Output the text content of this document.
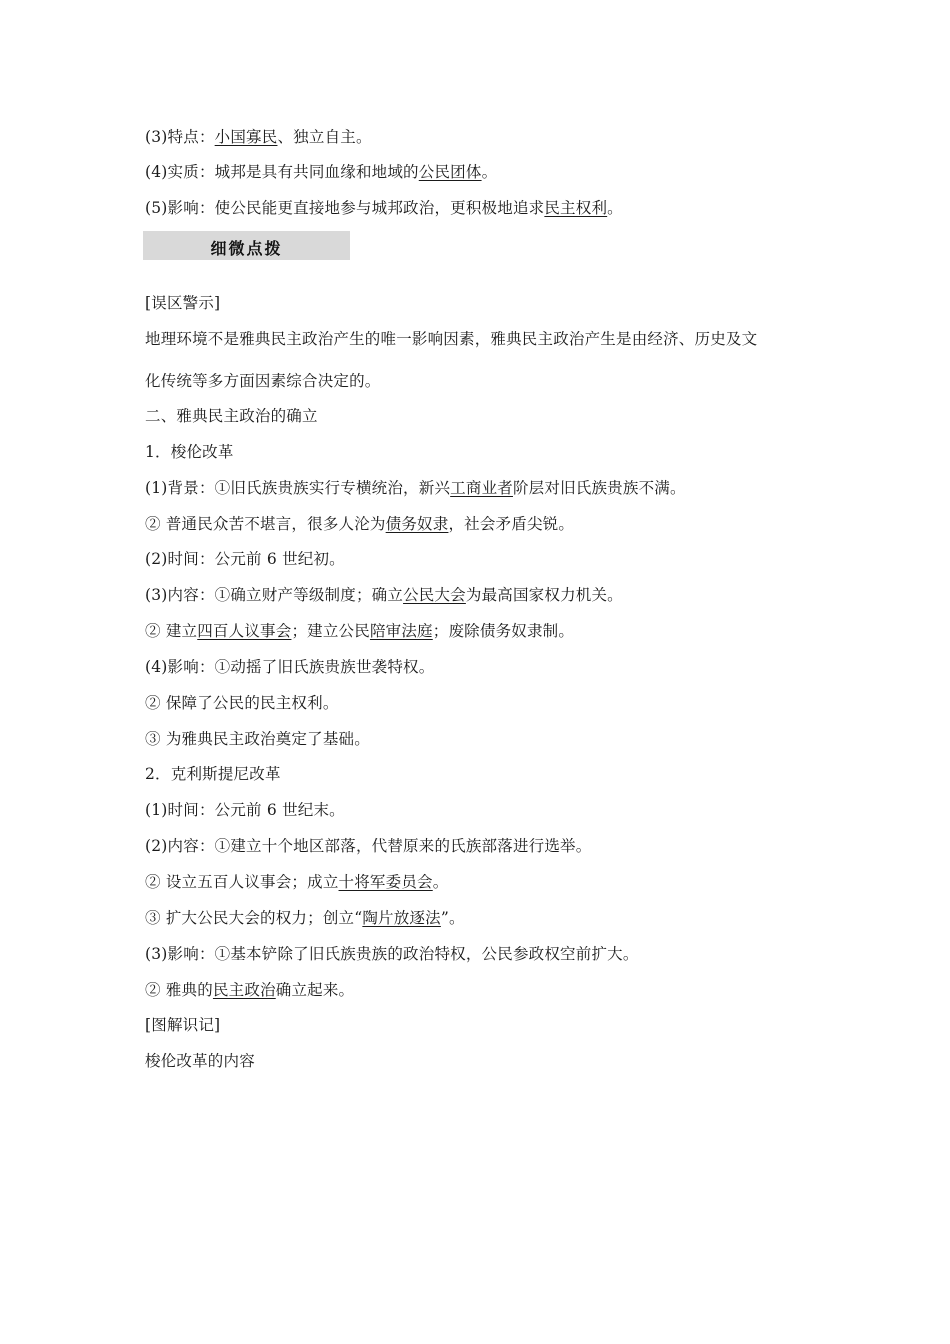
(3)特点：小国寡民、独立自主。
(4)实质：城邦是具有共同血缘和地域的公民团体。
(5)影响：使公民能更直接地参与城邦政治，更积极地追求民主权利。
细微点拨
[误区警示]
地理环境不是雅典民主政治产生的唯一影响因素，雅典民主政治产生是由经济、历史及文
化传统等多方面因素综合决定的。
二、雅典民主政治的确立
1．梭伦改革
(1)背景：①旧氏族贵族实行专横统治，新兴工商业者阶层对旧氏族贵族不满。
② 普通民众苦不堪言，很多人沦为债务奴隶，社会矛盾尖锐。
(2)时间：公元前 6 世纪初。
(3)内容：①确立财产等级制度；确立公民大会为最高国家权力机关。
② 建立四百人议事会；建立公民陪审法庭；废除债务奴隶制。
(4)影响：①动摇了旧氏族贵族世袭特权。
② 保障了公民的民主权利。
③ 为雅典民主政治奠定了基础。
2．克利斯提尼改革
(1)时间：公元前 6 世纪末。
(2)内容：①建立十个地区部落，代替原来的氏族部落进行选举。
② 设立五百人议事会；成立十将军委员会。
③ 扩大公民大会的权力；创立“陶片放逐法”。
(3)影响：①基本铲除了旧氏族贵族的政治特权，公民参政权空前扩大。
② 雅典的民主政治确立起来。
[图解识记]
梭伦改革的内容
